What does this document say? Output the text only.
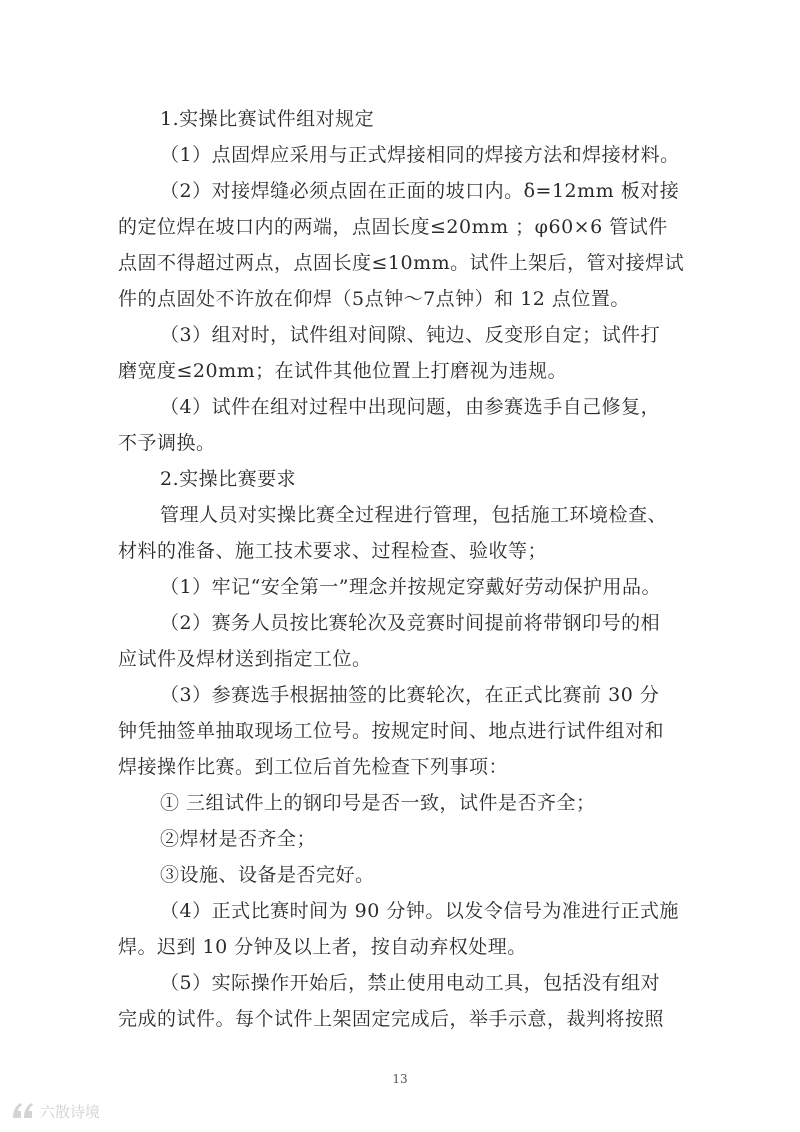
1.实操比赛试件组对规定
（1）点固焊应采用与正式焊接相同的焊接方法和焊接材料。
（2）对接焊缝必须点固在正面的坡口内。δ=12mm 板对接
的定位焊在坡口内的两端，点固长度≤20mm ；φ60×6 管试件
点固不得超过两点，点固长度≤10mm。试件上架后，管对接焊试
件的点固处不许放在仰焊（5点钟～7点钟）和 12 点位置。
（3）组对时，试件组对间隙、钝边、反变形自定；试件打
磨宽度≤20mm；在试件其他位置上打磨视为违规。
（4）试件在组对过程中出现问题，由参赛选手自己修复，
不予调换。
2.实操比赛要求
管理人员对实操比赛全过程进行管理，包括施工环境检查、
材料的准备、施工技术要求、过程检查、验收等；
（1）牢记“安全第一”理念并按规定穿戴好劳动保护用品。
（2）赛务人员按比赛轮次及竞赛时间提前将带钢印号的相
应试件及焊材送到指定工位。
（3）参赛选手根据抽签的比赛轮次，在正式比赛前 30 分
钟凭抽签单抽取现场工位号。按规定时间、地点进行试件组对和
焊接操作比赛。到工位后首先检查下列事项：
① 三组试件上的钢印号是否一致，试件是否齐全；
②焊材是否齐全；
③设施、设备是否完好。
（4）正式比赛时间为 90 分钟。以发令信号为准进行正式施
焊。迟到 10 分钟及以上者，按自动弃权处理。
（5）实际操作开始后，禁止使用电动工具，包括没有组对
完成的试件。每个试件上架固定完成后，举手示意，裁判将按照
13
六散诗境
